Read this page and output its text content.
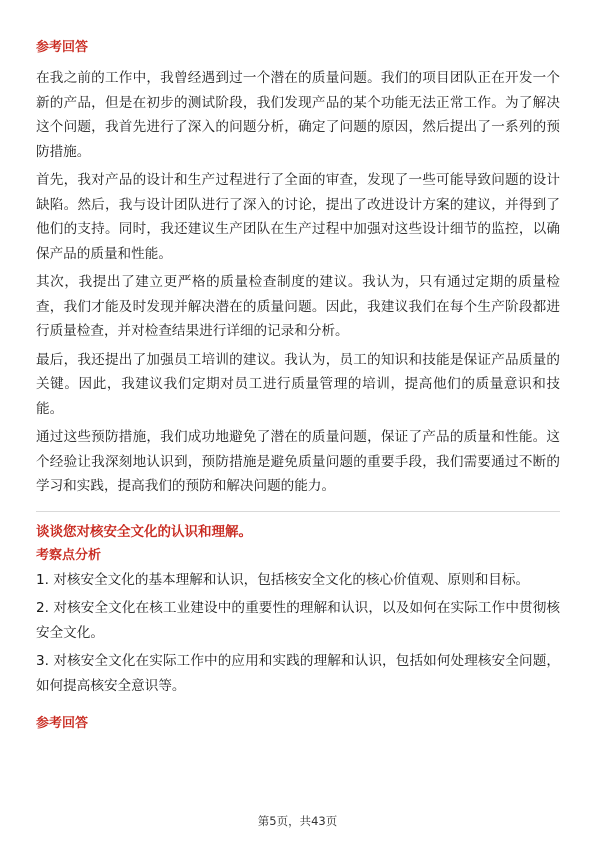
参考回答

在我之前的工作中，我曾经遇到过一个潜在的质量问题。我们的项目团队正在开发一个新的产品，但是在初步的测试阶段，我们发现产品的某个功能无法正常工作。为了解决这个问题，我首先进行了深入的问题分析，确定了问题的原因，然后提出了一系列的预防措施。

首先，我对产品的设计和生产过程进行了全面的审查，发现了一些可能导致问题的设计缺陷。然后，我与设计团队进行了深入的讨论，提出了改进设计方案的建议，并得到了他们的支持。同时，我还建议生产团队在生产过程中加强对这些设计细节的监控，以确保产品的质量和性能。

其次，我提出了建立更严格的质量检查制度的建议。我认为，只有通过定期的质量检查，我们才能及时发现并解决潜在的质量问题。因此，我建议我们在每个生产阶段都进行质量检查，并对检查结果进行详细的记录和分析。

最后，我还提出了加强员工培训的建议。我认为，员工的知识和技能是保证产品质量的关键。因此，我建议我们定期对员工进行质量管理的培训，提高他们的质量意识和技能。

通过这些预防措施，我们成功地避免了潜在的质量问题，保证了产品的质量和性能。这个经验让我深刻地认识到，预防措施是避免质量问题的重要手段，我们需要通过不断的学习和实践，提高我们的预防和解决问题的能力。

谈谈您对核安全文化的认识和理解。
考察点分析

1. 对核安全文化的基本理解和认识，包括核安全文化的核心价值观、原则和目标。

2. 对核安全文化在核工业建设中的重要性的理解和认识，以及如何在实际工作中贯彻核安全文化。

3. 对核安全文化在实际工作中的应用和实践的理解和认识，包括如何处理核安全问题，如何提高核安全意识等。

参考回答
第5页，共43页
